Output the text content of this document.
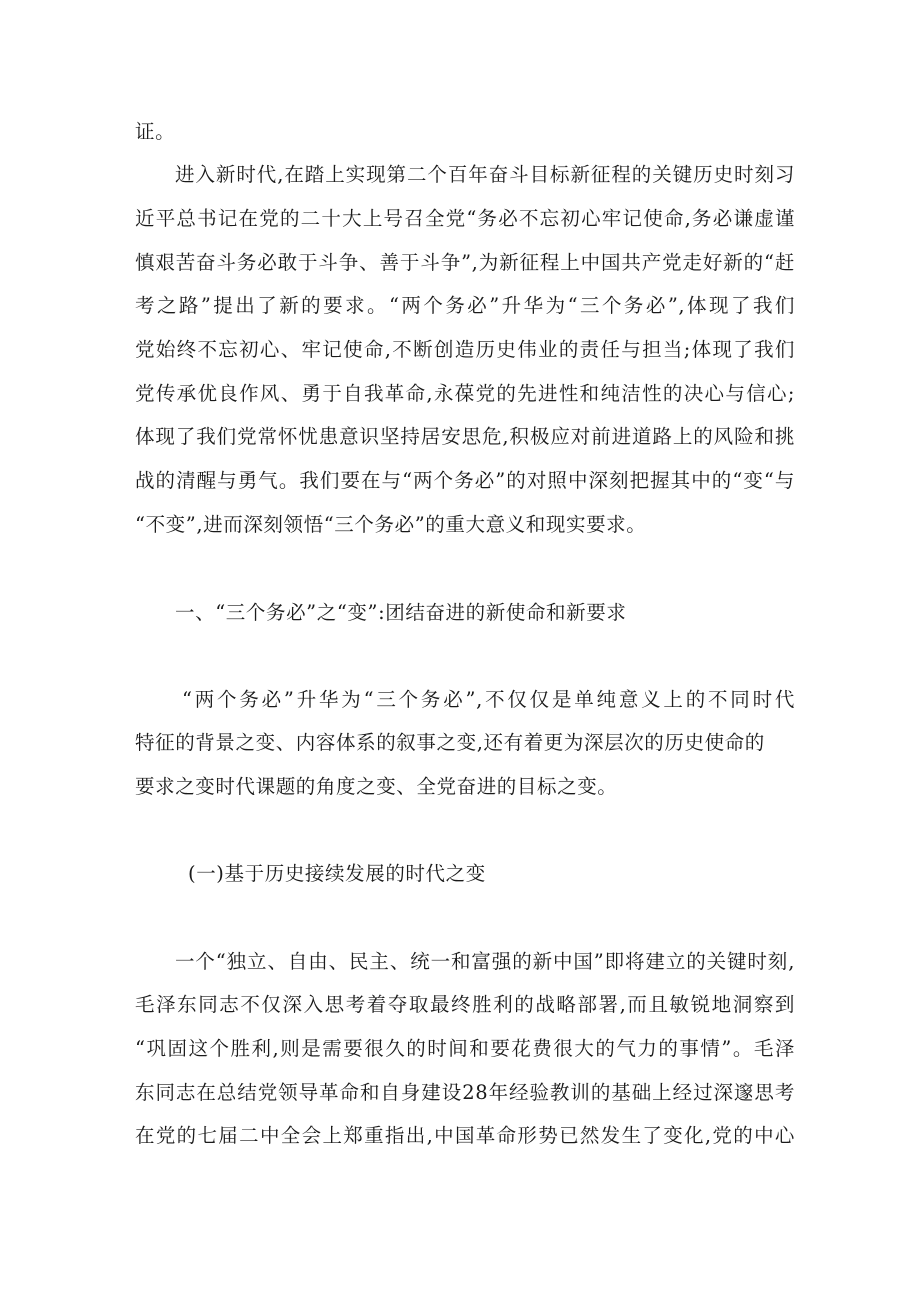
证。
进入新时代,在踏上实现第二个百年奋斗目标新征程的关键历史时刻习
近平总书记在党的二十大上号召全党“务必不忘初心牢记使命,务必谦虚谨
慎艰苦奋斗务必敢于斗争、善于斗争”,为新征程上中国共产党走好新的“赶
考之路”提出了新的要求。“两个务必”升华为“三个务必”,体现了我们
党始终不忘初心、牢记使命,不断创造历史伟业的责任与担当;体现了我们
党传承优良作风、勇于自我革命,永葆党的先进性和纯洁性的决心与信心;
体现了我们党常怀忧患意识坚持居安思危,积极应对前进道路上的风险和挑
战的清醒与勇气。我们要在与“两个务必”的对照中深刻把握其中的“变“与
“不变”,进而深刻领悟“三个务必”的重大意义和现实要求。
一、“三个务必”之“变”:团结奋进的新使命和新要求
“两个务必”升华为“三个务必”,不仅仅是单纯意义上的不同时代
特征的背景之变、内容体系的叙事之变,还有着更为深层次的历史使命的
要求之变时代课题的角度之变、全党奋进的目标之变。
(一)基于历史接续发展的时代之变
一个“独立、自由、民主、统一和富强的新中国”即将建立的关键时刻,
毛泽东同志不仅深入思考着夺取最终胜利的战略部署,而且敏锐地洞察到
“巩固这个胜利,则是需要很久的时间和要花费很大的气力的事情”。毛泽
东同志在总结党领导革命和自身建设28年经验教训的基础上经过深邃思考
在党的七届二中全会上郑重指出,中国革命形势已然发生了变化,党的中心
